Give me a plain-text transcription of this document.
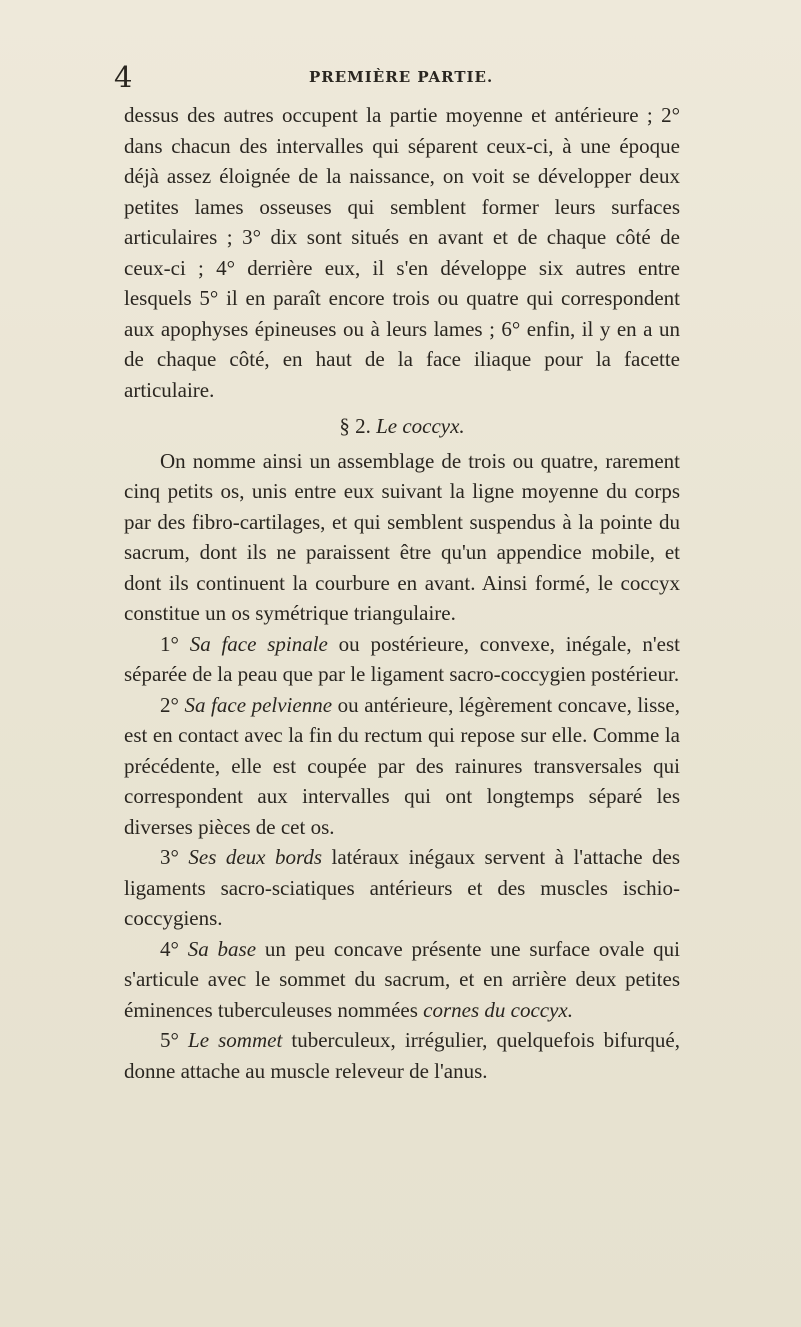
4	PREMIÈRE PARTIE.

dessus des autres occupent la partie moyenne et antérieure ; 2° dans chacun des intervalles qui séparent ceux-ci, à une époque déjà assez éloignée de la naissance, on voit se développer deux petites lames osseuses qui semblent former leurs surfaces articulaires ; 3° dix sont situés en avant et de chaque côté de ceux-ci ; 4° derrière eux, il s'en développe six autres entre lesquels 5° il en paraît encore trois ou quatre qui correspondent aux apophyses épineuses ou à leurs lames ; 6° enfin, il y en a un de chaque côté, en haut de la face iliaque pour la facette articulaire.

§ 2. Le coccyx.

On nomme ainsi un assemblage de trois ou quatre, rarement cinq petits os, unis entre eux suivant la ligne moyenne du corps par des fibro-cartilages, et qui semblent suspendus à la pointe du sacrum, dont ils ne paraissent être qu'un appendice mobile, et dont ils continuent la courbure en avant. Ainsi formé, le coccyx constitue un os symétrique triangulaire.

1° Sa face spinale ou postérieure, convexe, inégale, n'est séparée de la peau que par le ligament sacro-coccygien postérieur.

2° Sa face pelvienne ou antérieure, légèrement concave, lisse, est en contact avec la fin du rectum qui repose sur elle. Comme la précédente, elle est coupée par des rainures transversales qui correspondent aux intervalles qui ont longtemps séparé les diverses pièces de cet os.

3° Ses deux bords latéraux inégaux servent à l'attache des ligaments sacro-sciatiques antérieurs et des muscles ischio-coccygiens.

4° Sa base un peu concave présente une surface ovale qui s'articule avec le sommet du sacrum, et en arrière deux petites éminences tuberculeuses nommées cornes du coccyx.

5° Le sommet tuberculeux, irrégulier, quelquefois bifurqué, donne attache au muscle releveur de l'anus.
